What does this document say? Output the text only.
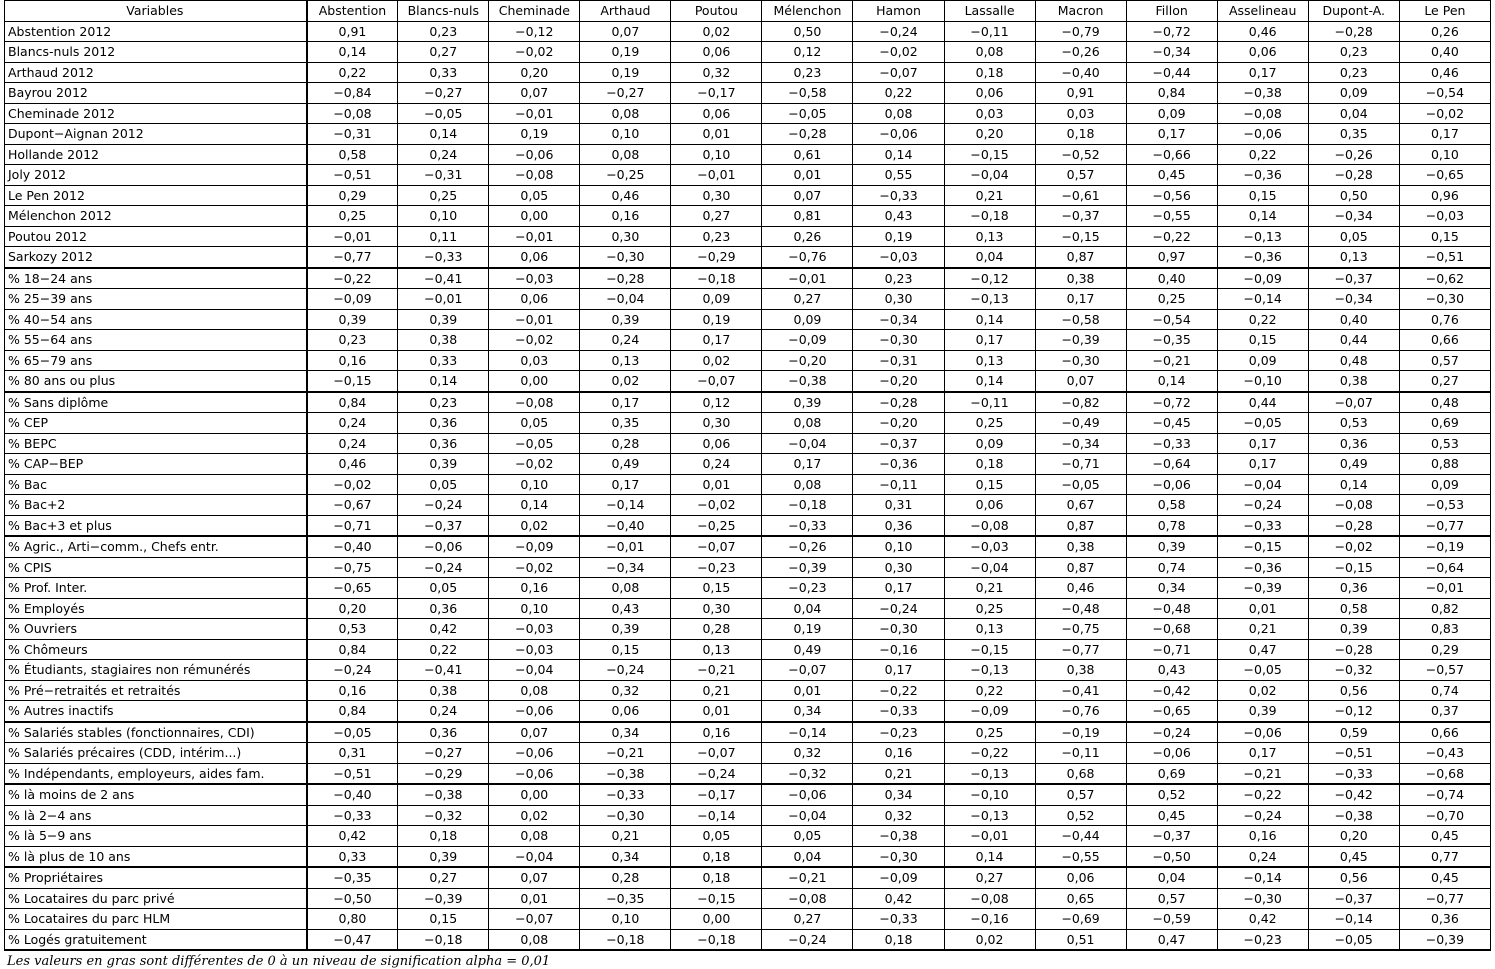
Variables	Abstention	Blancs-nuls	Cheminade	Arthaud	Poutou	Mélenchon	Hamon	Lassalle	Macron	Fillon	Asselineau	Dupont-A.	Le Pen
Abstention 2012	0,91	0,23	−0,12	0,07	0,02	0,50	−0,24	−0,11	−0,79	−0,72	0,46	−0,28	0,26
Blancs-nuls 2012	0,14	0,27	−0,02	0,19	0,06	0,12	−0,02	0,08	−0,26	−0,34	0,06	0,23	0,40
Arthaud 2012	0,22	0,33	0,20	0,19	0,32	0,23	−0,07	0,18	−0,40	−0,44	0,17	0,23	0,46
Bayrou 2012	−0,84	−0,27	0,07	−0,27	−0,17	−0,58	0,22	0,06	0,91	0,84	−0,38	0,09	−0,54
Cheminade 2012	−0,08	−0,05	−0,01	0,08	0,06	−0,05	0,08	0,03	0,03	0,09	−0,08	0,04	−0,02
Dupont−Aignan 2012	−0,31	0,14	0,19	0,10	0,01	−0,28	−0,06	0,20	0,18	0,17	−0,06	0,35	0,17
Hollande 2012	0,58	0,24	−0,06	0,08	0,10	0,61	0,14	−0,15	−0,52	−0,66	0,22	−0,26	0,10
Joly 2012	−0,51	−0,31	−0,08	−0,25	−0,01	0,01	0,55	−0,04	0,57	0,45	−0,36	−0,28	−0,65
Le Pen 2012	0,29	0,25	0,05	0,46	0,30	0,07	−0,33	0,21	−0,61	−0,56	0,15	0,50	0,96
Mélenchon 2012	0,25	0,10	0,00	0,16	0,27	0,81	0,43	−0,18	−0,37	−0,55	0,14	−0,34	−0,03
Poutou 2012	−0,01	0,11	−0,01	0,30	0,23	0,26	0,19	0,13	−0,15	−0,22	−0,13	0,05	0,15
Sarkozy 2012	−0,77	−0,33	0,06	−0,30	−0,29	−0,76	−0,03	0,04	0,87	0,97	−0,36	0,13	−0,51
% 18−24 ans	−0,22	−0,41	−0,03	−0,28	−0,18	−0,01	0,23	−0,12	0,38	0,40	−0,09	−0,37	−0,62
% 25−39 ans	−0,09	−0,01	0,06	−0,04	0,09	0,27	0,30	−0,13	0,17	0,25	−0,14	−0,34	−0,30
% 40−54 ans	0,39	0,39	−0,01	0,39	0,19	0,09	−0,34	0,14	−0,58	−0,54	0,22	0,40	0,76
% 55−64 ans	0,23	0,38	−0,02	0,24	0,17	−0,09	−0,30	0,17	−0,39	−0,35	0,15	0,44	0,66
% 65−79 ans	0,16	0,33	0,03	0,13	0,02	−0,20	−0,31	0,13	−0,30	−0,21	0,09	0,48	0,57
% 80 ans ou plus	−0,15	0,14	0,00	0,02	−0,07	−0,38	−0,20	0,14	0,07	0,14	−0,10	0,38	0,27
% Sans diplôme	0,84	0,23	−0,08	0,17	0,12	0,39	−0,28	−0,11	−0,82	−0,72	0,44	−0,07	0,48
% CEP	0,24	0,36	0,05	0,35	0,30	0,08	−0,20	0,25	−0,49	−0,45	−0,05	0,53	0,69
% BEPC	0,24	0,36	−0,05	0,28	0,06	−0,04	−0,37	0,09	−0,34	−0,33	0,17	0,36	0,53
% CAP−BEP	0,46	0,39	−0,02	0,49	0,24	0,17	−0,36	0,18	−0,71	−0,64	0,17	0,49	0,88
% Bac	−0,02	0,05	0,10	0,17	0,01	0,08	−0,11	0,15	−0,05	−0,06	−0,04	0,14	0,09
% Bac+2	−0,67	−0,24	0,14	−0,14	−0,02	−0,18	0,31	0,06	0,67	0,58	−0,24	−0,08	−0,53
% Bac+3 et plus	−0,71	−0,37	0,02	−0,40	−0,25	−0,33	0,36	−0,08	0,87	0,78	−0,33	−0,28	−0,77
% Agric., Arti−comm., Chefs entr.	−0,40	−0,06	−0,09	−0,01	−0,07	−0,26	0,10	−0,03	0,38	0,39	−0,15	−0,02	−0,19
% CPIS	−0,75	−0,24	−0,02	−0,34	−0,23	−0,39	0,30	−0,04	0,87	0,74	−0,36	−0,15	−0,64
% Prof. Inter.	−0,65	0,05	0,16	0,08	0,15	−0,23	0,17	0,21	0,46	0,34	−0,39	0,36	−0,01
% Employés	0,20	0,36	0,10	0,43	0,30	0,04	−0,24	0,25	−0,48	−0,48	0,01	0,58	0,82
% Ouvriers	0,53	0,42	−0,03	0,39	0,28	0,19	−0,30	0,13	−0,75	−0,68	0,21	0,39	0,83
% Chômeurs	0,84	0,22	−0,03	0,15	0,13	0,49	−0,16	−0,15	−0,77	−0,71	0,47	−0,28	0,29
% Étudiants, stagiaires non rémunérés	−0,24	−0,41	−0,04	−0,24	−0,21	−0,07	0,17	−0,13	0,38	0,43	−0,05	−0,32	−0,57
% Pré−retraités et retraités	0,16	0,38	0,08	0,32	0,21	0,01	−0,22	0,22	−0,41	−0,42	0,02	0,56	0,74
% Autres inactifs	0,84	0,24	−0,06	0,06	0,01	0,34	−0,33	−0,09	−0,76	−0,65	0,39	−0,12	0,37
% Salariés stables (fonctionnaires, CDI)	−0,05	0,36	0,07	0,34	0,16	−0,14	−0,23	0,25	−0,19	−0,24	−0,06	0,59	0,66
% Salariés précaires (CDD, intérim...)	0,31	−0,27	−0,06	−0,21	−0,07	0,32	0,16	−0,22	−0,11	−0,06	0,17	−0,51	−0,43
% Indépendants, employeurs, aides fam.	−0,51	−0,29	−0,06	−0,38	−0,24	−0,32	0,21	−0,13	0,68	0,69	−0,21	−0,33	−0,68
% là moins de 2 ans	−0,40	−0,38	0,00	−0,33	−0,17	−0,06	0,34	−0,10	0,57	0,52	−0,22	−0,42	−0,74
% là 2−4 ans	−0,33	−0,32	0,02	−0,30	−0,14	−0,04	0,32	−0,13	0,52	0,45	−0,24	−0,38	−0,70
% là 5−9 ans	0,42	0,18	0,08	0,21	0,05	0,05	−0,38	−0,01	−0,44	−0,37	0,16	0,20	0,45
% là plus de 10 ans	0,33	0,39	−0,04	0,34	0,18	0,04	−0,30	0,14	−0,55	−0,50	0,24	0,45	0,77
% Propriétaires	−0,35	0,27	0,07	0,28	0,18	−0,21	−0,09	0,27	0,06	0,04	−0,14	0,56	0,45
% Locataires du parc privé	−0,50	−0,39	0,01	−0,35	−0,15	−0,08	0,42	−0,08	0,65	0,57	−0,30	−0,37	−0,77
% Locataires du parc HLM	0,80	0,15	−0,07	0,10	0,00	0,27	−0,33	−0,16	−0,69	−0,59	0,42	−0,14	0,36
% Logés gratuitement	−0,47	−0,18	0,08	−0,18	−0,18	−0,24	0,18	0,02	0,51	0,47	−0,23	−0,05	−0,39
Les valeurs en gras sont différentes de 0 à un niveau de signification alpha = 0,01
